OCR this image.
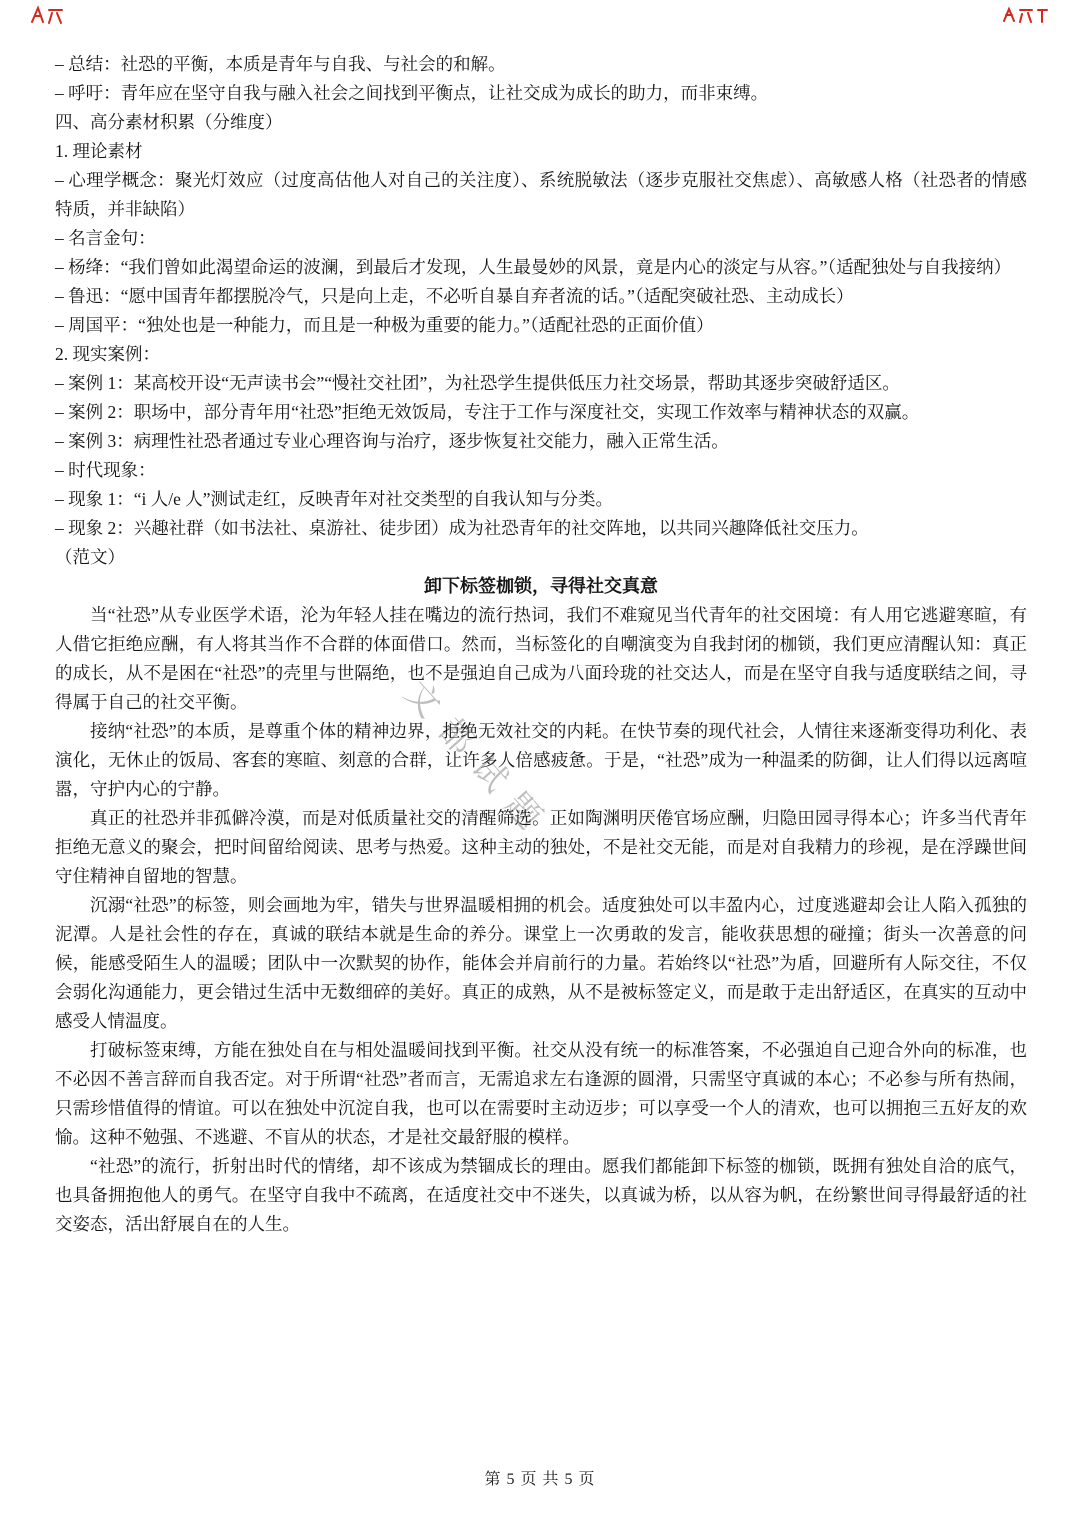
文都试题
– 总结：社恐的平衡，本质是青年与自我、与社会的和解。
– 呼吁：青年应在坚守自我与融入社会之间找到平衡点，让社交成为成长的助力，而非束缚。
四、高分素材积累（分维度）
1. 理论素材
– 心理学概念：聚光灯效应（过度高估他人对自己的关注度）、系统脱敏法（逐步克服社交焦虑）、高敏感人格（社恐者的情感特质，并非缺陷）
– 名言金句：
– 杨绛：“我们曾如此渴望命运的波澜，到最后才发现，人生最曼妙的风景，竟是内心的淡定与从容。”（适配独处与自我接纳）
– 鲁迅：“愿中国青年都摆脱冷气，只是向上走，不必听自暴自弃者流的话。”（适配突破社恐、主动成长）
– 周国平：“独处也是一种能力，而且是一种极为重要的能力。”（适配社恐的正面价值）
2. 现实案例：
– 案例 1：某高校开设“无声读书会”“慢社交社团”，为社恐学生提供低压力社交场景，帮助其逐步突破舒适区。
– 案例 2：职场中，部分青年用“社恐”拒绝无效饭局，专注于工作与深度社交，实现工作效率与精神状态的双赢。
– 案例 3：病理性社恐者通过专业心理咨询与治疗，逐步恢复社交能力，融入正常生活。
– 时代现象：
– 现象 1：“i 人/e 人”测试走红，反映青年对社交类型的自我认知与分类。
– 现象 2：兴趣社群（如书法社、桌游社、徒步团）成为社恐青年的社交阵地，以共同兴趣降低社交压力。
（范文）
卸下标签枷锁，寻得社交真意

当“社恐”从专业医学术语，沦为年轻人挂在嘴边的流行热词，我们不难窥见当代青年的社交困境：有人用它逃避寒暄，有人借它拒绝应酬，有人将其当作不合群的体面借口。然而，当标签化的自嘲演变为自我封闭的枷锁，我们更应清醒认知：真正的成长，从不是困在“社恐”的壳里与世隔绝，也不是强迫自己成为八面玲珑的社交达人，而是在坚守自我与适度联结之间，寻得属于自己的社交平衡。

接纳“社恐”的本质，是尊重个体的精神边界，拒绝无效社交的内耗。在快节奏的现代社会，人情往来逐渐变得功利化、表演化，无休止的饭局、客套的寒暄、刻意的合群，让许多人倍感疲惫。于是，“社恐”成为一种温柔的防御，让人们得以远离喧嚣，守护内心的宁静。

真正的社恐并非孤僻冷漠，而是对低质量社交的清醒筛选。正如陶渊明厌倦官场应酬，归隐田园寻得本心；许多当代青年拒绝无意义的聚会，把时间留给阅读、思考与热爱。这种主动的独处，不是社交无能，而是对自我精力的珍视，是在浮躁世间守住精神自留地的智慧。

沉溺“社恐”的标签，则会画地为牢，错失与世界温暖相拥的机会。适度独处可以丰盈内心，过度逃避却会让人陷入孤独的泥潭。人是社会性的存在，真诚的联结本就是生命的养分。课堂上一次勇敢的发言，能收获思想的碰撞；街头一次善意的问候，能感受陌生人的温暖；团队中一次默契的协作，能体会并肩前行的力量。若始终以“社恐”为盾，回避所有人际交往，不仅会弱化沟通能力，更会错过生活中无数细碎的美好。真正的成熟，从不是被标签定义，而是敢于走出舒适区，在真实的互动中感受人情温度。

打破标签束缚，方能在独处自在与相处温暖间找到平衡。社交从没有统一的标准答案，不必强迫自己迎合外向的标准，也不必因不善言辞而自我否定。对于所谓“社恐”者而言，无需追求左右逢源的圆滑，只需坚守真诚的本心；不必参与所有热闹，只需珍惜值得的情谊。可以在独处中沉淀自我，也可以在需要时主动迈步；可以享受一个人的清欢，也可以拥抱三五好友的欢愉。这种不勉强、不逃避、不盲从的状态，才是社交最舒服的模样。

“社恐”的流行，折射出时代的情绪，却不该成为禁锢成长的理由。愿我们都能卸下标签的枷锁，既拥有独处自洽的底气，也具备拥抱他人的勇气。在坚守自我中不疏离，在适度社交中不迷失，以真诚为桥，以从容为帆，在纷繁世间寻得最舒适的社交姿态，活出舒展自在的人生。

第 5 页 共 5 页
